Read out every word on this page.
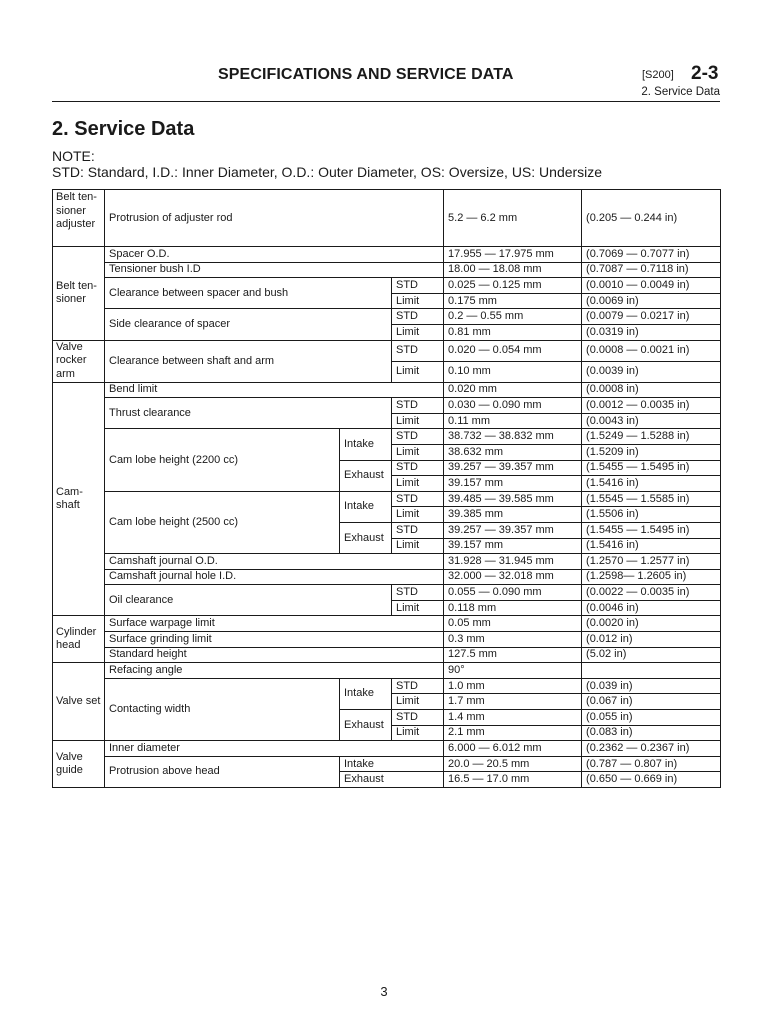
SPECIFICATIONS AND SERVICE DATA	[S200] 2-3
2. Service Data
2. Service Data
NOTE:
STD: Standard, I.D.: Inner Diameter, O.D.: Outer Diameter, OS: Oversize, US: Undersize
Belt ten-sioner adjuster	Protrusion of adjuster rod			5.2 — 6.2 mm	(0.205 — 0.244 in)
Belt ten-sioner	Spacer O.D.			17.955 — 17.975 mm	(0.7069 — 0.7077 in)
	Tensioner bush I.D			18.00 — 18.08 mm	(0.7087 — 0.7118 in)
	Clearance between spacer and bush		STD	0.025 — 0.125 mm	(0.0010 — 0.0049 in)
			Limit	0.175 mm	(0.0069 in)
	Side clearance of spacer		STD	0.2 — 0.55 mm	(0.0079 — 0.0217 in)
			Limit	0.81 mm	(0.0319 in)
Valve rocker arm	Clearance between shaft and arm		STD	0.020 — 0.054 mm	(0.0008 — 0.0021 in)
			Limit	0.10 mm	(0.0039 in)
Cam-shaft	Bend limit			0.020 mm	(0.0008 in)
	Thrust clearance		STD	0.030 — 0.090 mm	(0.0012 — 0.0035 in)
			Limit	0.11 mm	(0.0043 in)
	Cam lobe height (2200 cc)	Intake	STD	38.732 — 38.832 mm	(1.5249 — 1.5288 in)
			Limit	38.632 mm	(1.5209 in)
		Exhaust	STD	39.257 — 39.357 mm	(1.5455 — 1.5495 in)
			Limit	39.157 mm	(1.5416 in)
	Cam lobe height (2500 cc)	Intake	STD	39.485 — 39.585 mm	(1.5545 — 1.5585 in)
			Limit	39.385 mm	(1.5506 in)
		Exhaust	STD	39.257 — 39.357 mm	(1.5455 — 1.5495 in)
			Limit	39.157 mm	(1.5416 in)
	Camshaft journal O.D.			31.928 — 31.945 mm	(1.2570 — 1.2577 in)
	Camshaft journal hole I.D.			32.000 — 32.018 mm	(1.2598— 1.2605 in)
	Oil clearance		STD	0.055 — 0.090 mm	(0.0022 — 0.0035 in)
			Limit	0.118 mm	(0.0046 in)
Cylinder head	Surface warpage limit			0.05 mm	(0.0020 in)
	Surface grinding limit			0.3 mm	(0.012 in)
	Standard height			127.5 mm	(5.02 in)
Valve set	Refacing angle			90°	
	Contacting width	Intake	STD	1.0 mm	(0.039 in)
			Limit	1.7 mm	(0.067 in)
		Exhaust	STD	1.4 mm	(0.055 in)
			Limit	2.1 mm	(0.083 in)
Valve guide	Inner diameter			6.000 — 6.012 mm	(0.2362 — 0.2367 in)
	Protrusion above head	Intake		20.0 — 20.5 mm	(0.787 — 0.807 in)
		Exhaust		16.5 — 17.0 mm	(0.650 — 0.669 in)
3
